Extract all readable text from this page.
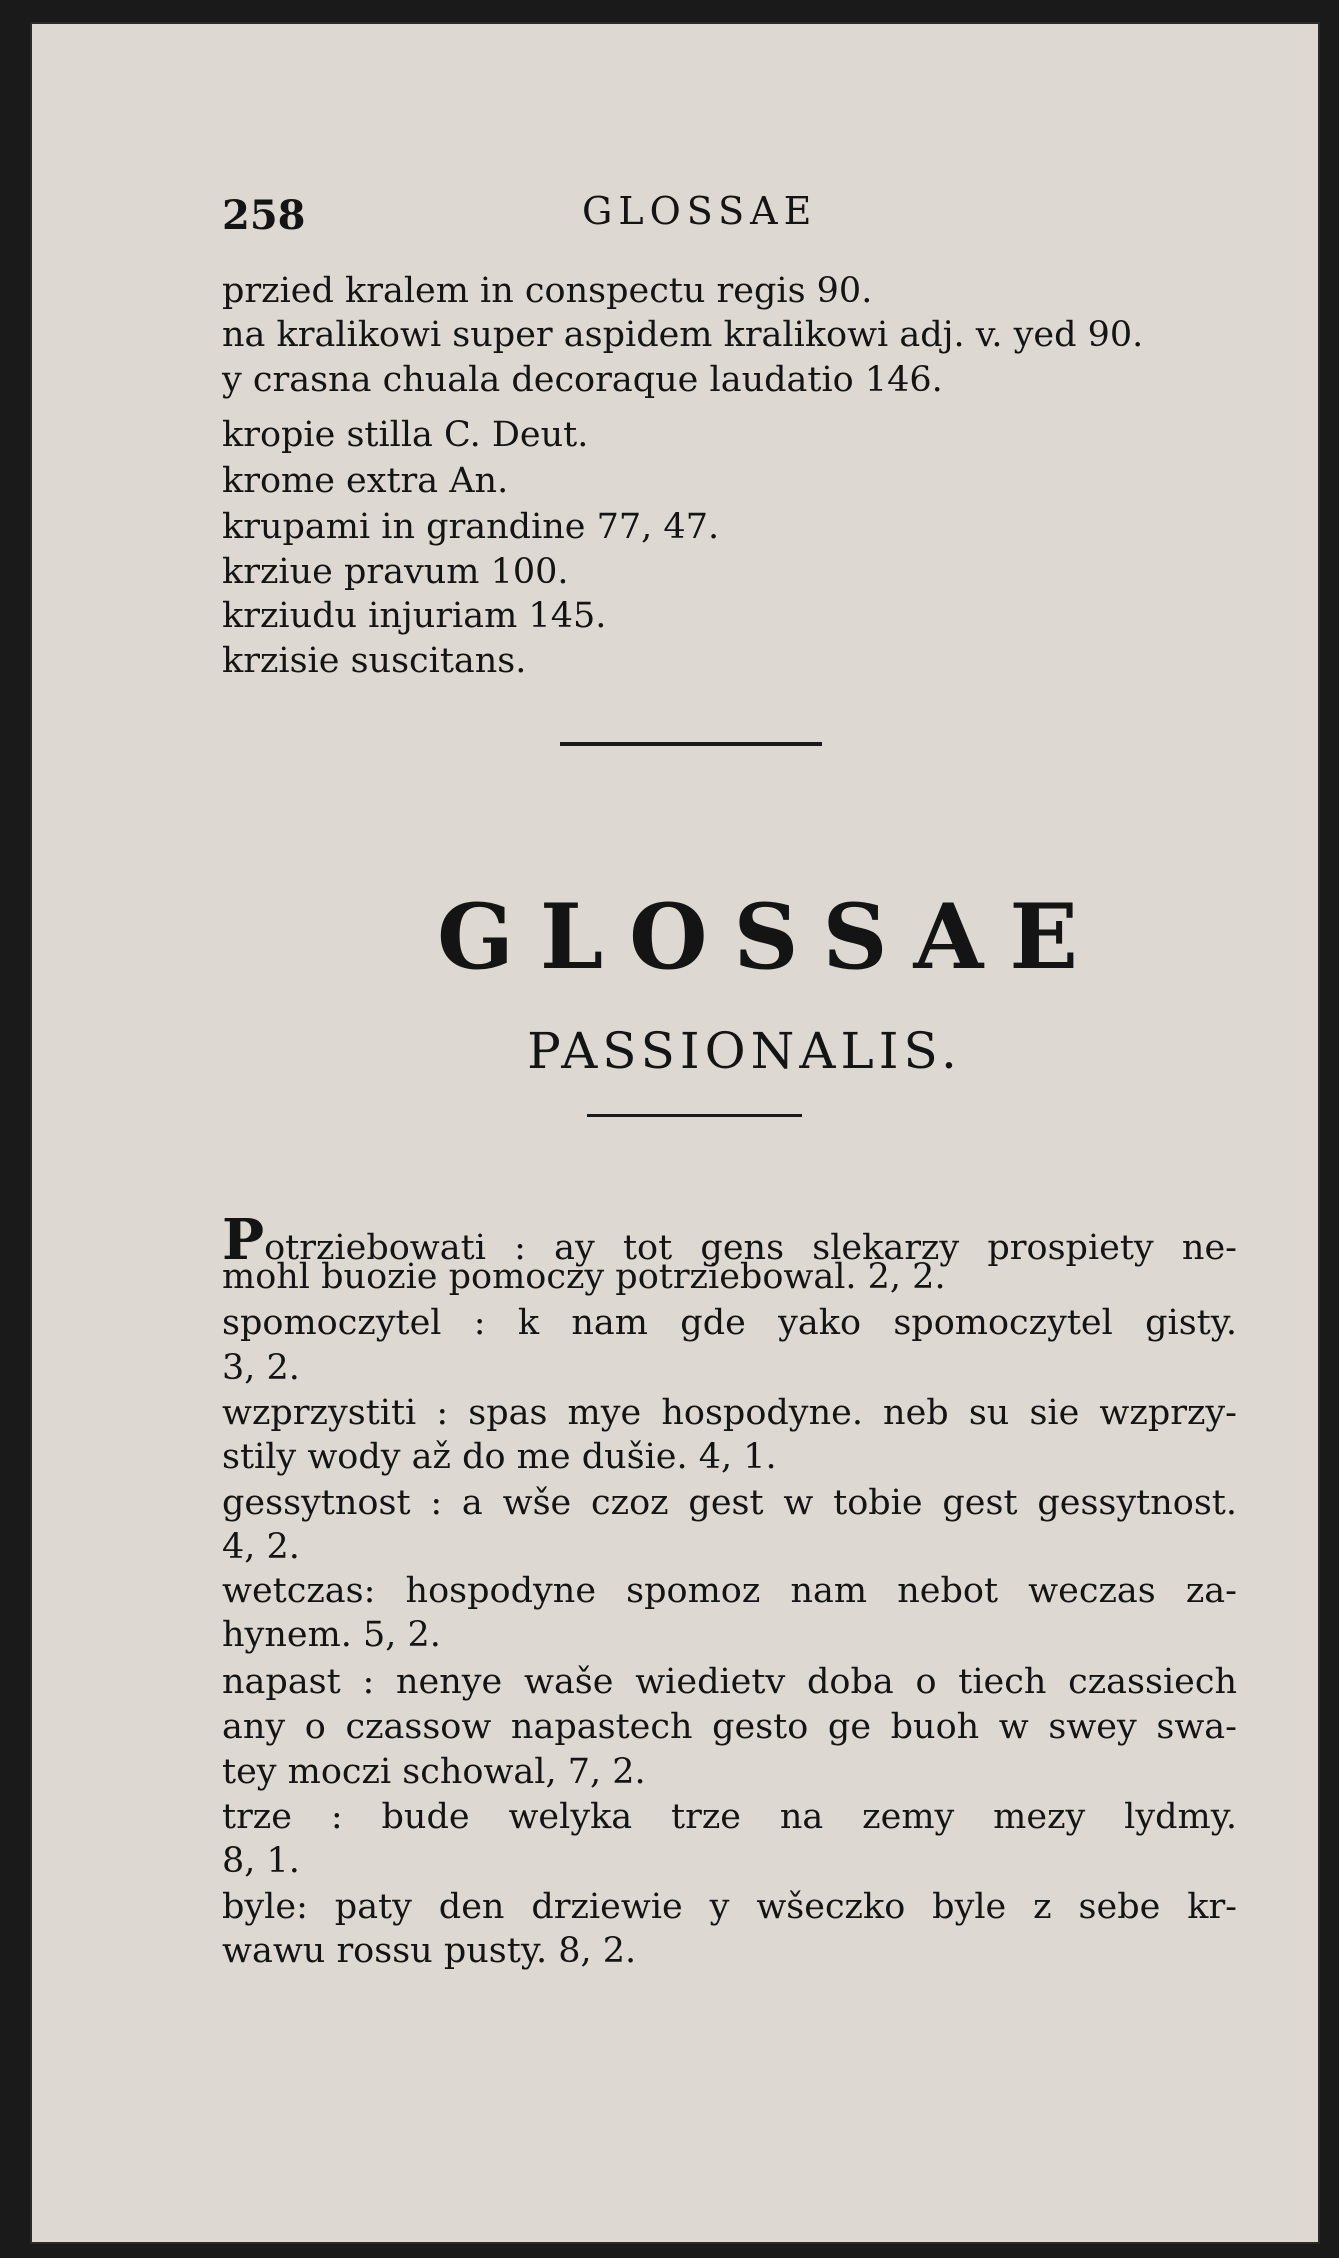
258	GLOSSAE
przied kralem in conspectu regis 90.
na kralikowi super aspidem kralikowi adj. v. yed 90.
y crasna chuala decoraque laudatio 146.
kropie stilla C. Deut.
krome extra An.
krupami in grandine 77, 47.
krziue pravum 100.
krziudu injuriam 145.
krzisie suscitans.
GLOSSAE
PASSIONALIS.
Potrziebowati : ay tot gens slekarzy prospiety ne-
mohl buozie pomoczy potrziebowal. 2, 2.
spomoczytel : k nam gde yako spomoczytel gisty.
3, 2.
wzprzystiti : spas mye hospodyne. neb su sie wzprzy-
stily wody až do me dušie. 4, 1.
gessytnost : a wše czoz gest w tobie gest gessytnost.
4, 2.
wetczas: hospodyne spomoz nam nebot weczas za-
hynem. 5, 2.
napast : nenye waše wiedietv doba o tiech czassiech
any o czassow napastech gesto ge buoh w swey swa-
tey moczi schowal, 7, 2.
trze : bude welyka trze na zemy mezy lydmy.
8, 1.
byle: paty den drziewie y wšeczko byle z sebe kr-
wawu rossu pusty. 8, 2.
